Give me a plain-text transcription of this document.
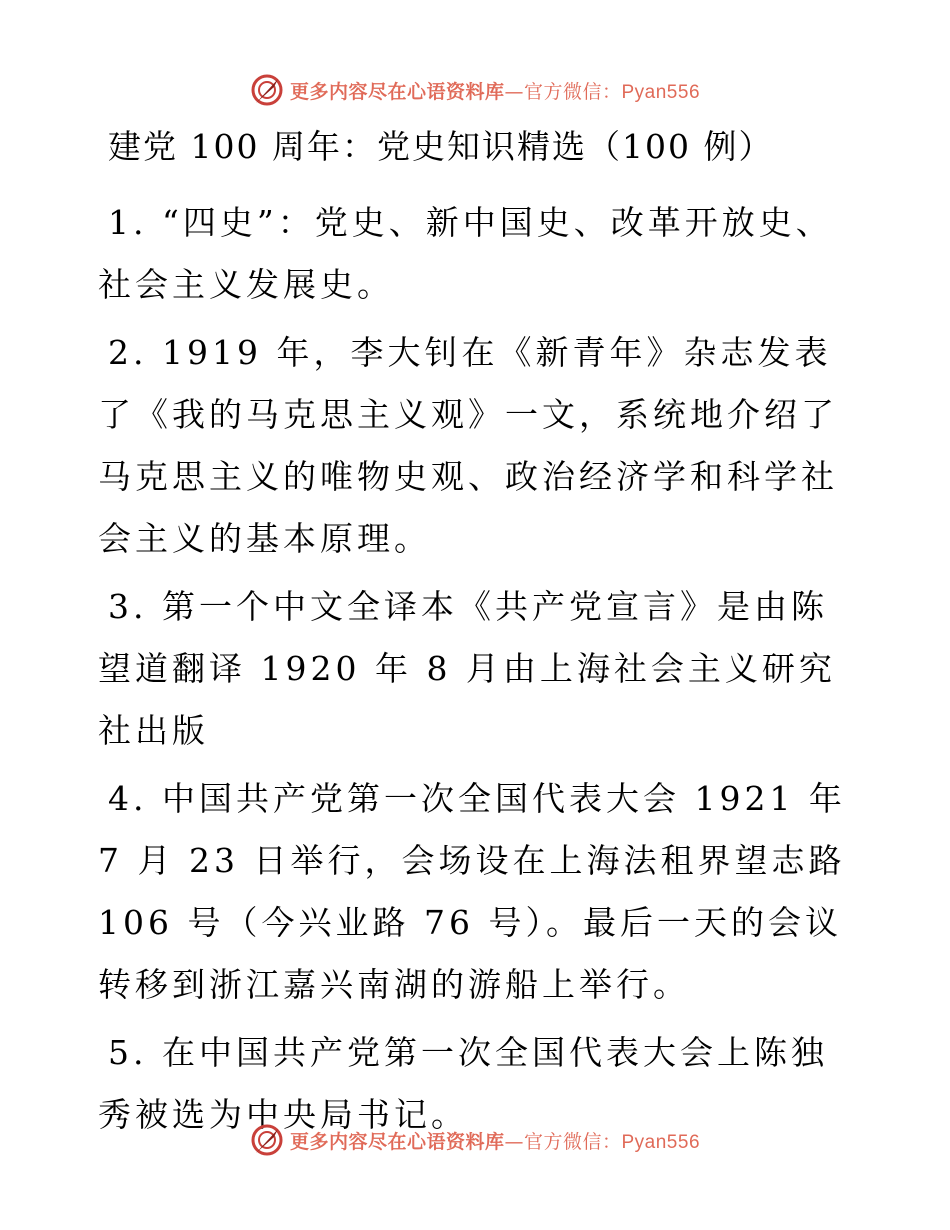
更多内容尽在心语资料库—官方微信：Pyan556
建党 100 周年：党史知识精选（100 例）

1. “四史”：党史、新中国史、改革开放史、社会主义发展史。

2. 1919 年，李大钊在《新青年》杂志发表了《我的马克思主义观》一文，系统地介绍了马克思主义的唯物史观、政治经济学和科学社会主义的基本原理。

3. 第一个中文全译本《共产党宣言》是由陈望道翻译 1920 年 8 月由上海社会主义研究社出版

4. 中国共产党第一次全国代表大会 1921 年 7 月 23 日举行，会场设在上海法租界望志路 106 号（今兴业路 76 号）。最后一天的会议转移到浙江嘉兴南湖的游船上举行。

5. 在中国共产党第一次全国代表大会上陈独秀被选为中央局书记。

更多内容尽在心语资料库—官方微信：Pyan556
